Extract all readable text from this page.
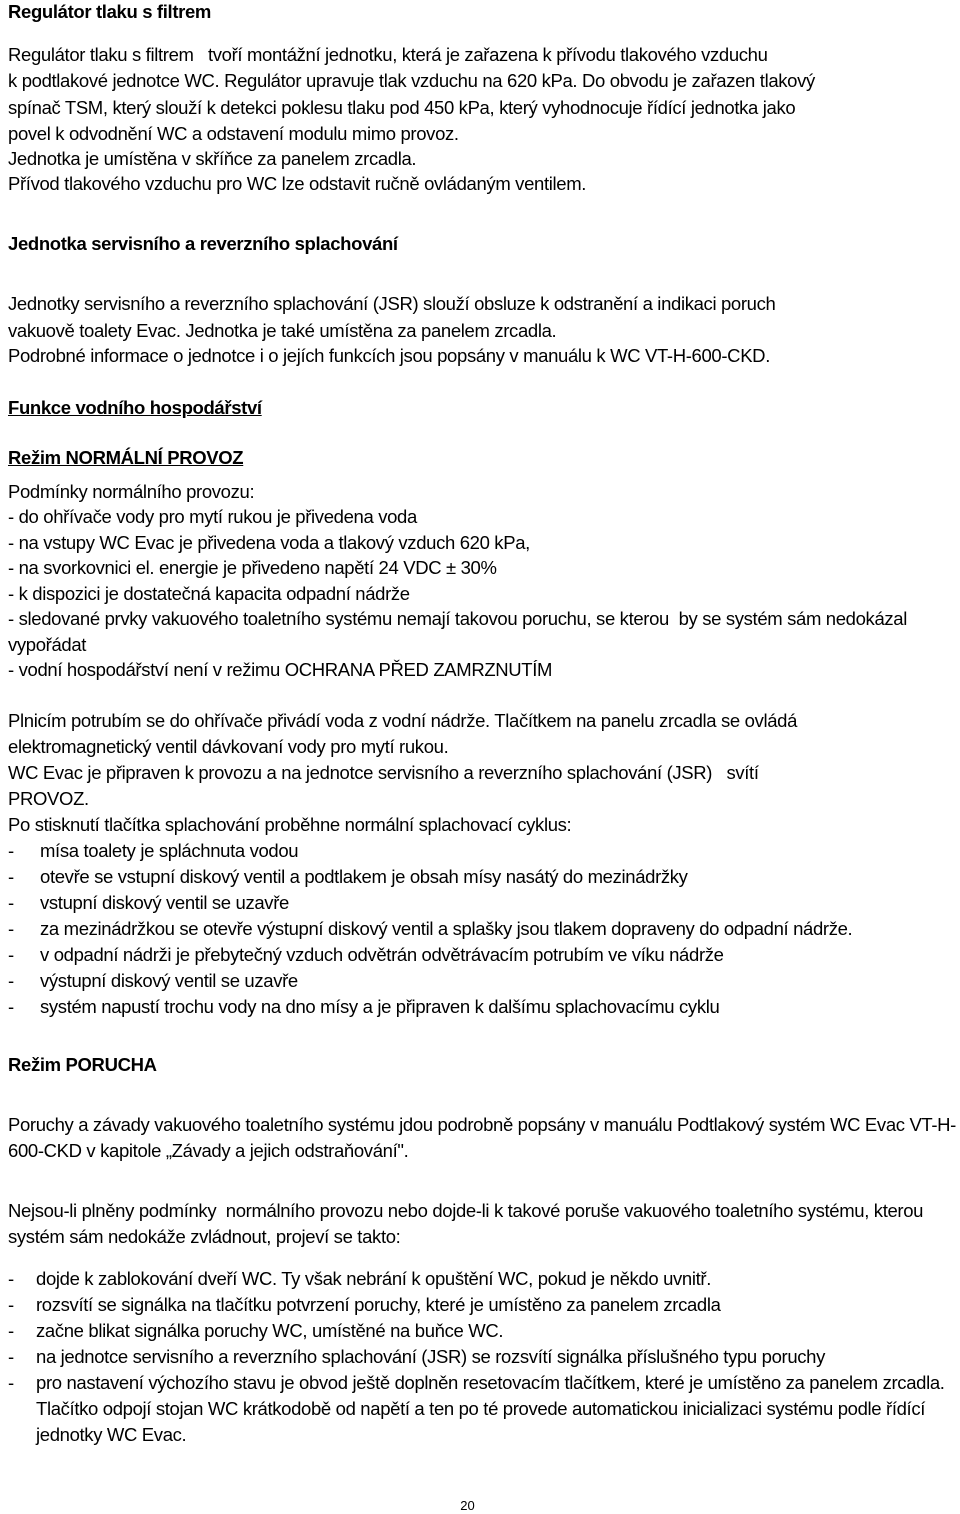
Regulátor tlaku s filtrem
Regulátor tlaku s filtrem   tvoří montážní jednotku, která je zařazena k přívodu tlakového vzduchu
k podtlakové jednotce WC. Regulátor upravuje tlak vzduchu na 620 kPa. Do obvodu je zařazen tlakový
spínač TSM, který slouží k detekci poklesu tlaku pod 450 kPa, který vyhodnocuje řídící jednotka jako
povel k odvodnění WC a odstavení modulu mimo provoz.
Jednotka je umístěna v skříňce za panelem zrcadla.
Přívod tlakového vzduchu pro WC lze odstavit ručně ovládaným ventilem.
Jednotka servisního a reverzního splachování
Jednotky servisního a reverzního splachování (JSR) slouží obsluze k odstranění a indikaci poruch
vakuově toalety Evac. Jednotka je také umístěna za panelem zrcadla.
Podrobné informace o jednotce i o jejích funkcích jsou popsány v manuálu k WC VT-H-600-CKD.
Funkce vodního hospodářství
Režim NORMÁLNÍ PROVOZ
Podmínky normálního provozu:
- do ohřívače vody pro mytí rukou je přivedena voda
- na vstupy WC Evac je přivedena voda a tlakový vzduch 620 kPa,
- na svorkovnici el. energie je přivedeno napětí 24 VDC ± 30%
- k dispozici je dostatečná kapacita odpadní nádrže
- sledované prvky vakuového toaletního systému nemají takovou poruchu, se kterou  by se systém sám nedokázal
vypořádat
- vodní hospodářství není v režimu OCHRANA PŘED ZAMRZNUTÍM
Plnicím potrubím se do ohřívače přivádí voda z vodní nádrže. Tlačítkem na panelu zrcadla se ovládá
elektromagnetický ventil dávkovaní vody pro mytí rukou.
WC Evac je připraven k provozu a na jednotce servisního a reverzního splachování (JSR)   svítí
PROVOZ.
Po stisknutí tlačítka splachování proběhne normální splachovací cyklus:
- mísa toalety je spláchnuta vodou
- otevře se vstupní diskový ventil a podtlakem je obsah mísy nasátý do mezinádržky
- vstupní diskový ventil se uzavře
- za mezinádržkou se otevře výstupní diskový ventil a splašky jsou tlakem dopraveny do odpadní nádrže.
- v odpadní nádrži je přebytečný vzduch odvětrán odvětrávacím potrubím ve víku nádrže
- výstupní diskový ventil se uzavře
- systém napustí trochu vody na dno mísy a je připraven k dalšímu splachovacímu cyklu
Režim PORUCHA
Poruchy a závady vakuového toaletního systému jdou podrobně popsány v manuálu Podtlakový systém WC Evac VT-H-
600-CKD v kapitole „Závady a jejich odstraňování".
Nejsou-li plněny podmínky  normálního provozu nebo dojde-li k takové poruše vakuového toaletního systému, kterou
systém sám nedokáže zvládnout, projeví se takto:
- dojde k zablokování dveří WC. Ty však nebrání k opuštění WC, pokud je někdo uvnitř.
- rozsvítí se signálka na tlačítku potvrzení poruchy, které je umístěno za panelem zrcadla
- začne blikat signálka poruchy WC, umístěné na buňce WC.
- na jednotce servisního a reverzního splachování (JSR) se rozsvítí signálka příslušného typu poruchy
- pro nastavení výchozího stavu je obvod ještě doplněn resetovacím tlačítkem, které je umístěno za panelem zrcadla.
Tlačítko odpojí stojan WC krátkodobě od napětí a ten po té provede automatickou inicializaci systému podle řídící
jednotky WC Evac.
20
